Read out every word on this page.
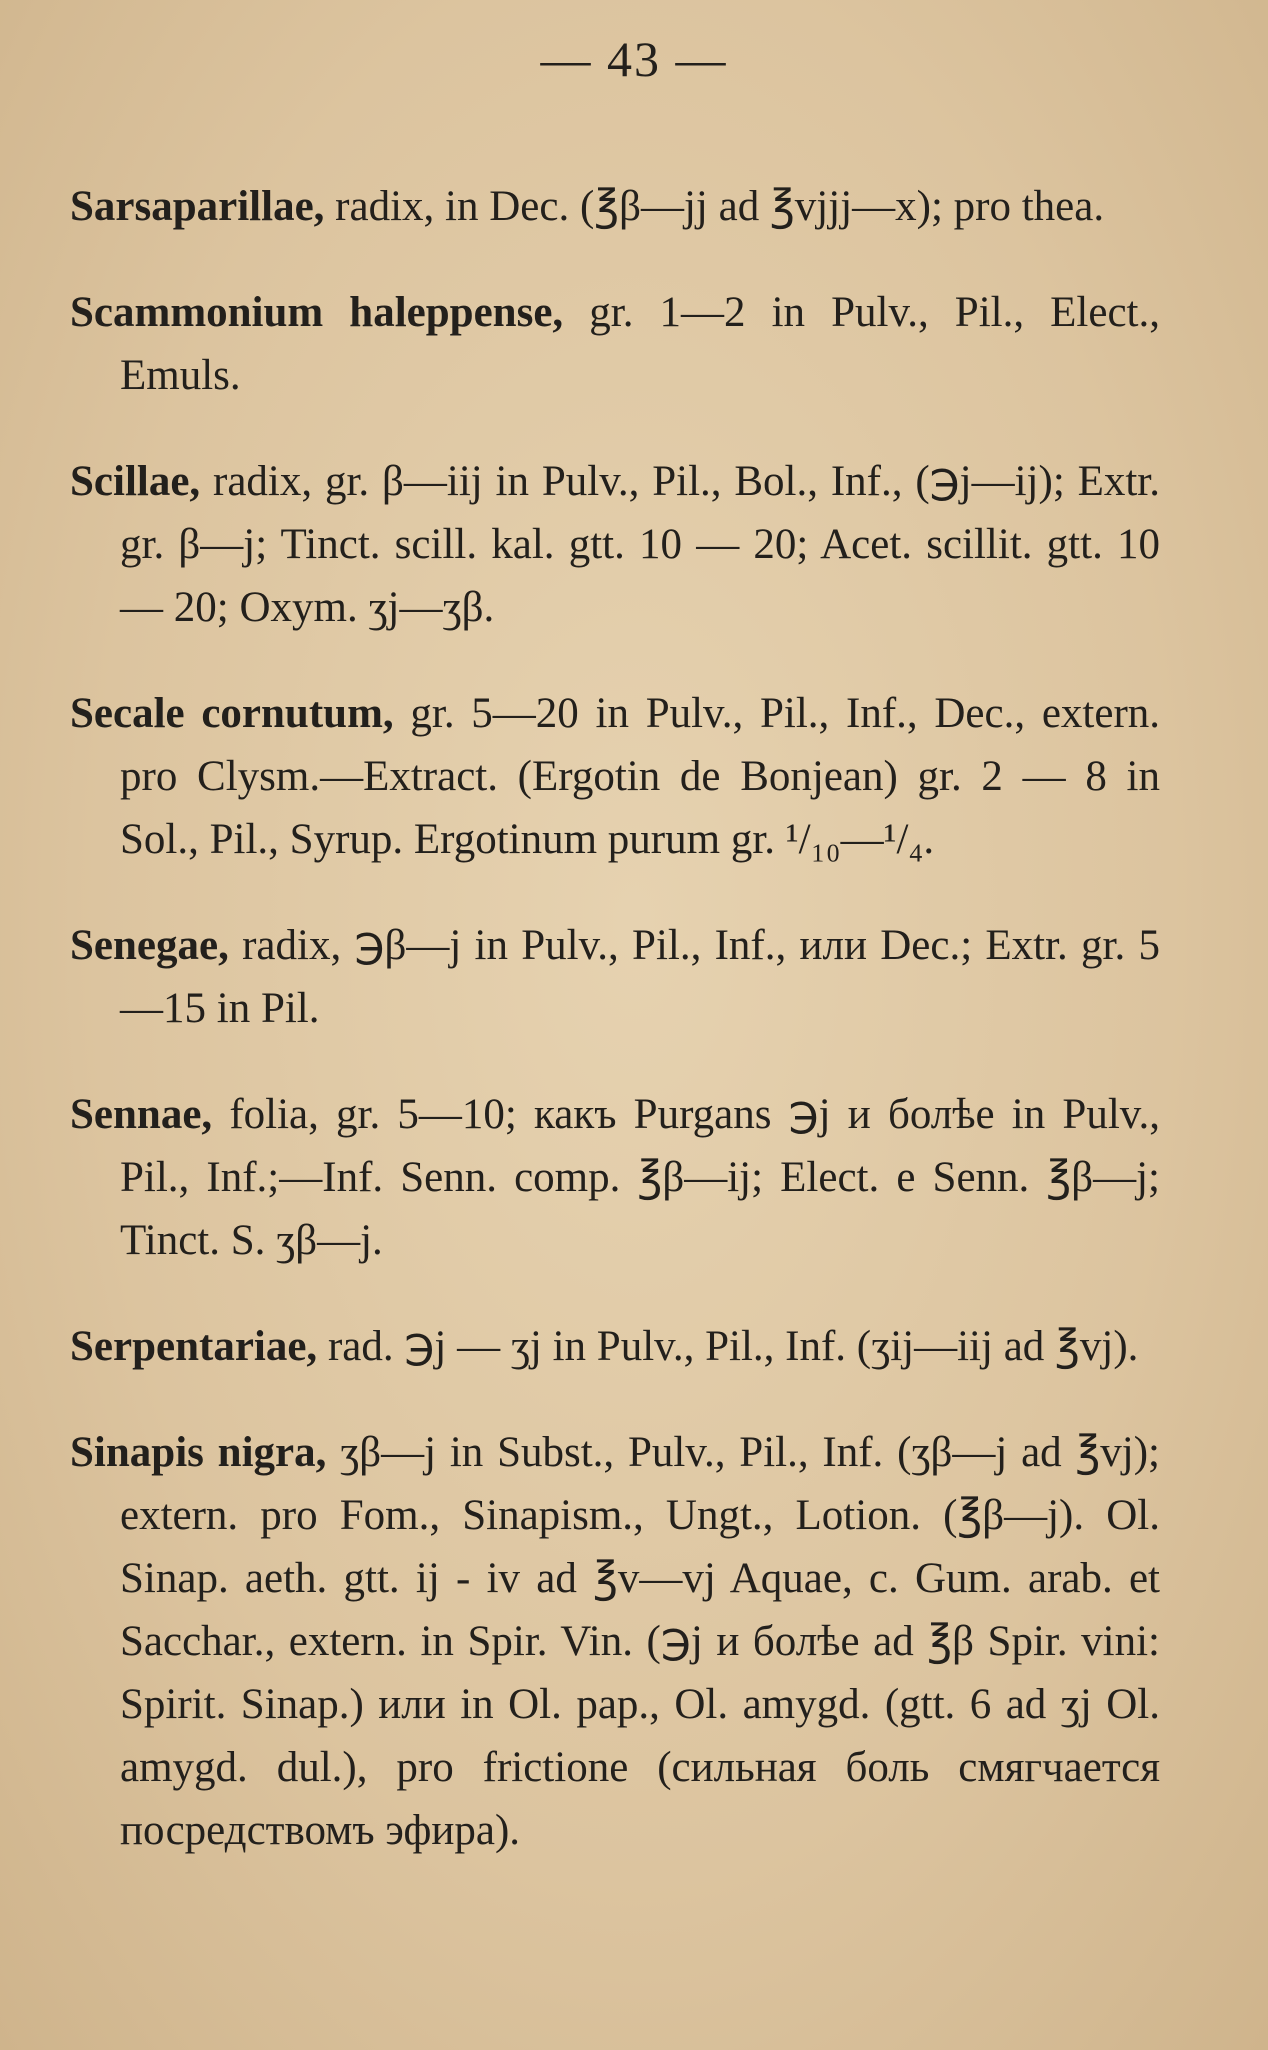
— 43 —

Sarsaparillae, radix, in Dec. (℥β—jj ad ℥vjjj—x); pro thea.

Scammonium haleppense, gr. 1—2 in Pulv., Pil., Elect., Emuls.

Scillae, radix, gr. β—iij in Pulv., Pil., Bol., Inf., (℈j—ij); Extr. gr. β—j; Tinct. scill. kal. gtt. 10 — 20; Acet. scillit. gtt. 10 — 20; Oxym. ʒj—ʒβ.

Secale cornutum, gr. 5—20 in Pulv., Pil., Inf., Dec., extern. pro Clysm.—Extract. (Ergotin de Bonjean) gr. 2 — 8 in Sol., Pil., Syrup. Ergotinum purum gr. ¹/₁₀—¹/₄.

Senegae, radix, ℈β—j in Pulv., Pil., Inf., или Dec.; Extr. gr. 5—15 in Pil.

Sennae, folia, gr. 5—10; какъ Purgans ℈j и болѣе in Pulv., Pil., Inf.;—Inf. Senn. comp. ℥β—ij; Elect. e Senn. ℥β—j; Tinct. S. ʒβ—j.

Serpentariae, rad. ℈j — ʒj in Pulv., Pil., Inf. (ʒij—iij ad ℥vj).

Sinapis nigra, ʒβ—j in Subst., Pulv., Pil., Inf. (ʒβ—j ad ℥vj); extern. pro Fom., Sinapism., Ungt., Lotion. (℥β—j). Ol. Sinap. aeth. gtt. ij - iv ad ℥v—vj Aquae, c. Gum. arab. et Sacchar., extern. in Spir. Vin. (℈j и болѣе ad ℥β Spir. vini: Spirit. Sinap.) или in Ol. pap., Ol. amygd. (gtt. 6 ad ʒj Ol. amygd. dul.), pro frictione (сильная боль смягчается посредствомъ эфира).
